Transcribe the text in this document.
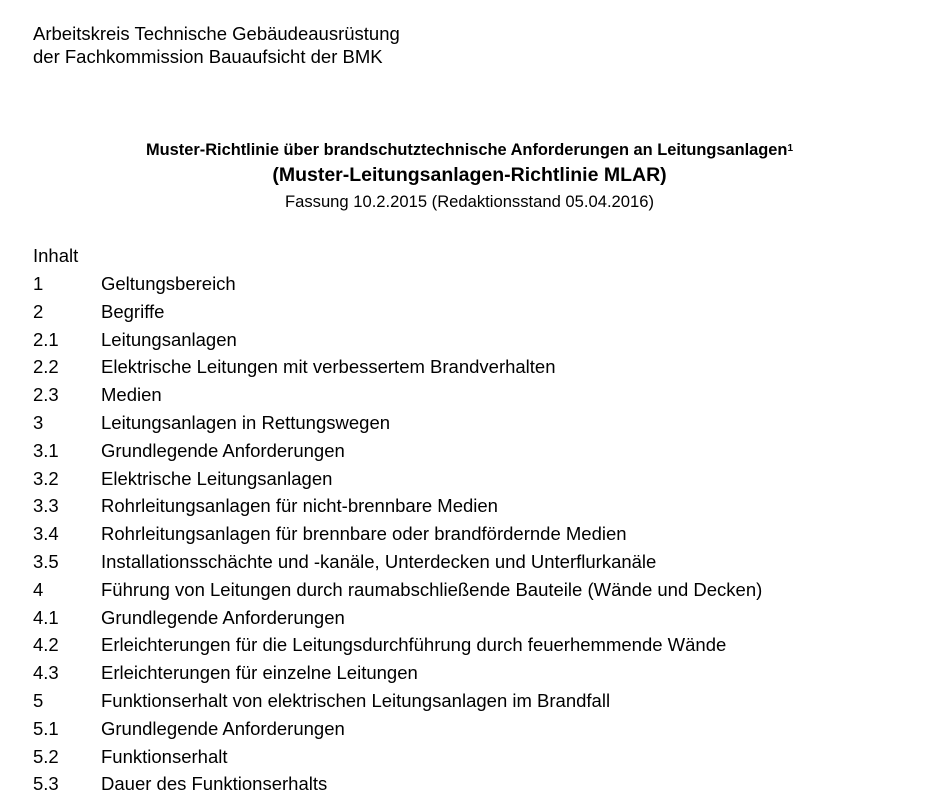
Arbeitskreis Technische Gebäudeausrüstung
der Fachkommission Bauaufsicht der BMK
Muster-Richtlinie über brandschutztechnische Anforderungen an Leitungsanlagen$^1$
(Muster-Leitungsanlagen-Richtlinie MLAR)
Fassung 10.2.2015 (Redaktionsstand 05.04.2016)
Inhalt
1	Geltungsbereich
2	Begriffe
2.1 Leitungsanlagen
2.2 Elektrische Leitungen mit verbessertem Brandverhalten
2.3 Medien
3	Leitungsanlagen in Rettungswegen
3.1 Grundlegende Anforderungen
3.2 Elektrische Leitungsanlagen
3.3 Rohrleitungsanlagen für nicht-brennbare Medien
3.4 Rohrleitungsanlagen für brennbare oder brandfördernde Medien
3.5 Installationsschächte und -kanäle, Unterdecken und Unterflurkanäle
4	Führung von Leitungen durch raumabschließende Bauteile (Wände und Decken)
4.1 Grundlegende Anforderungen
4.2 Erleichterungen für die Leitungsdurchführung durch feuerhemmende Wände
4.3 Erleichterungen für einzelne Leitungen
5	Funktionserhalt von elektrischen Leitungsanlagen im Brandfall
5.1 Grundlegende Anforderungen
5.2 Funktionserhalt
5.3 Dauer des Funktionserhalts
